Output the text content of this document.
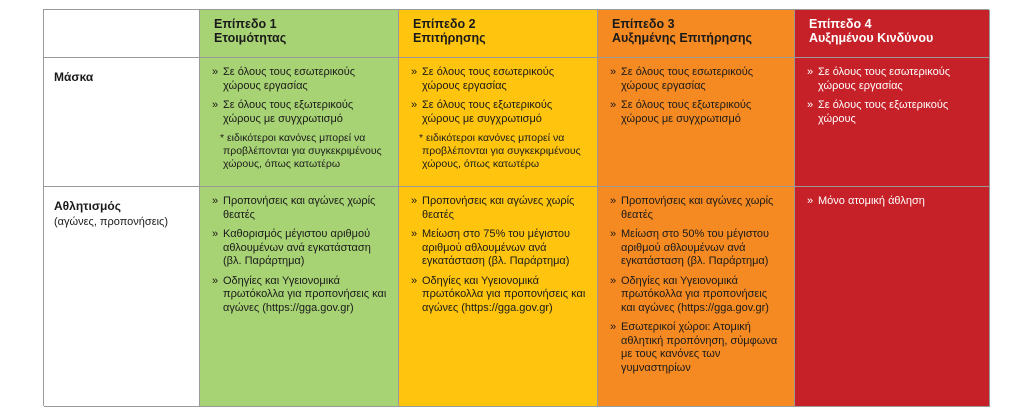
Επίπεδο 1
Ετοιμότητας
Επίπεδο 2
Επιτήρησης
Επίπεδο 3
Αυξημένης Επιτήρησης
Επίπεδο 4
Αυξημένου Κινδύνου
Μάσκα
»	Σε όλους τους εσωτερικούς χώρους εργασίας
» Σε όλους τους εξωτερικούς χώρους με συγχρωτισμό
* ειδικότεροι κανόνες μπορεί να προβλέπονται για συγκεκριμένους χώρους, όπως κατωτέρω
» Σε όλους τους εσωτερικούς χώρους εργασίας
» Σε όλους τους εξωτερικούς χώρους με συγχρωτισμό
* ειδικότεροι κανόνες μπορεί να προβλέπονται για συγκεκριμένους χώρους, όπως κατωτέρω
» Σε όλους τους εσωτερικούς χώρους εργασίας
» Σε όλους τους εξωτερικούς χώρους με συγχρωτισμό
» Σε όλους τους εσωτερικούς χώρους εργασίας
» Σε όλους τους εξωτερικούς χώρους
Αθλητισμός
(αγώνες, προπονήσεις)
» Προπονήσεις και αγώνες χωρίς θεατές
» Καθορισμός μέγιστου αριθμού αθλουμένων ανά εγκατάσταση (βλ. Παράρτημα)
» Οδηγίες και Υγειονομικά πρωτόκολλα για προπονήσεις και αγώνες (https://gga.gov.gr)
» Προπονήσεις και αγώνες χωρίς θεατές
» Μείωση στο 75% του μέγιστου αριθμού αθλουμένων ανά εγκατάσταση (βλ. Παράρτημα)
» Οδηγίες και Υγειονομικά πρωτόκολλα για προπονήσεις και αγώνες (https://gga.gov.gr)
» Προπονήσεις και αγώνες χωρίς θεατές
» Μείωση στο 50% του μέγιστου αριθμού αθλουμένων ανά εγκατάσταση (βλ. Παράρτημα)
» Οδηγίες και Υγειονομικά πρωτόκολλα για προπονήσεις και αγώνες (https://gga.gov.gr)
» Εσωτερικοί χώροι: Ατομική αθλητική προπόνηση, σύμφωνα με τους κανόνες των γυμναστηρίων
» Μόνο ατομική άθληση
